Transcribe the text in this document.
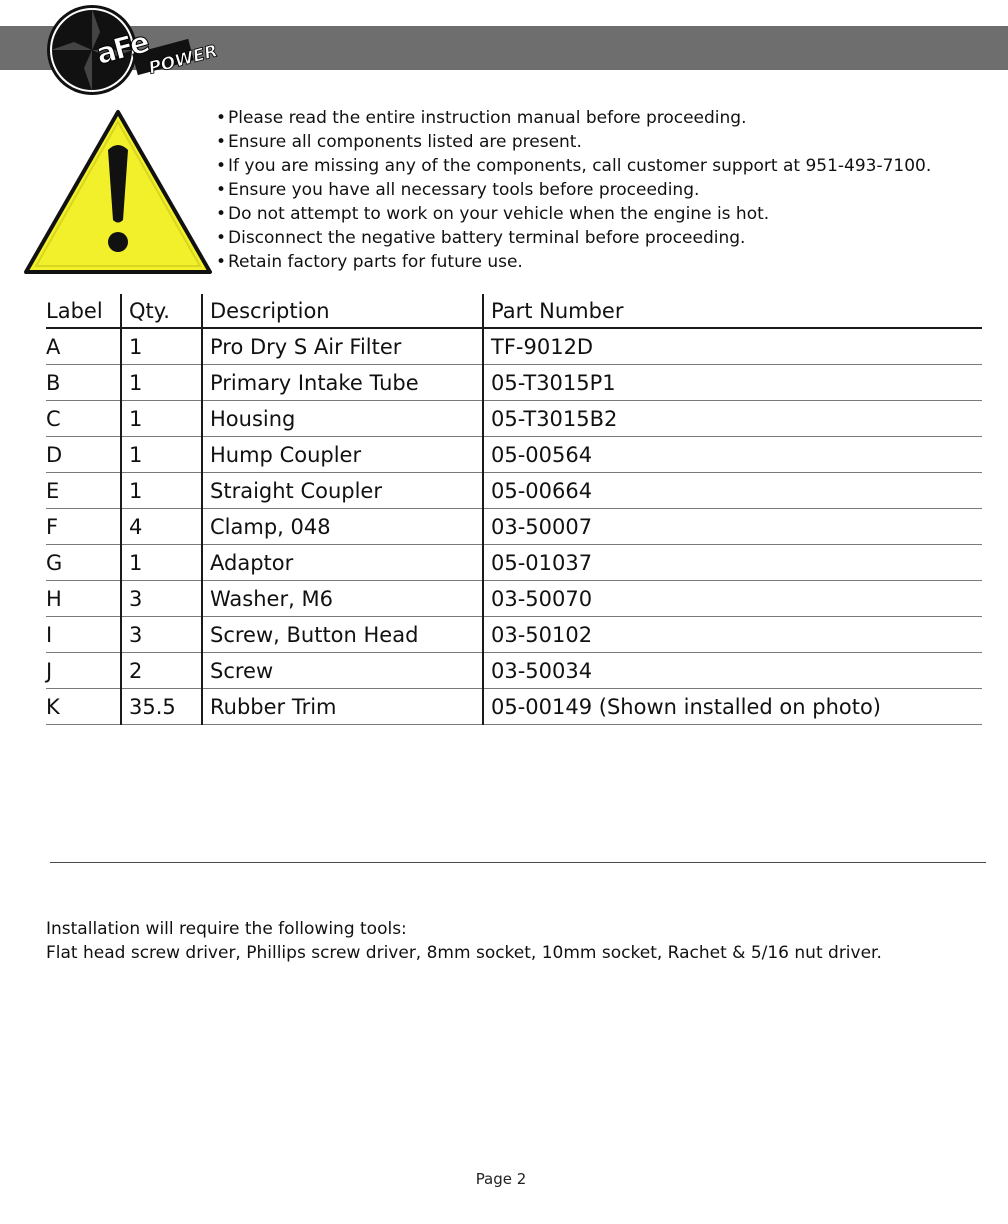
aFe
POWER
• Please read the entire instruction manual before proceeding.
• Ensure all components listed are present.
• If you are missing any of the components, call customer support at 951-493-7100.
• Ensure you have all necessary tools before proceeding.
• Do not attempt to work on your vehicle when the engine is hot.
• Disconnect the negative battery terminal before proceeding.
• Retain factory parts for future use.
Label	Qty.	Description	Part Number
A	1	Pro Dry S Air Filter	TF-9012D
B	1	Primary Intake Tube	05-T3015P1
C	1	Housing	05-T3015B2
D	1	Hump Coupler	05-00564
E	1	Straight Coupler	05-00664
F	4	Clamp, 048	03-50007
G	1	Adaptor	05-01037
H	3	Washer, M6	03-50070
I	3	Screw, Button Head	03-50102
J	2	Screw	03-50034
K	35.5	Rubber Trim	05-00149 (Shown installed on photo)
Installation will require the following tools:
Flat head screw driver, Phillips screw driver, 8mm socket, 10mm socket, Rachet & 5/16 nut driver.
Page 2
